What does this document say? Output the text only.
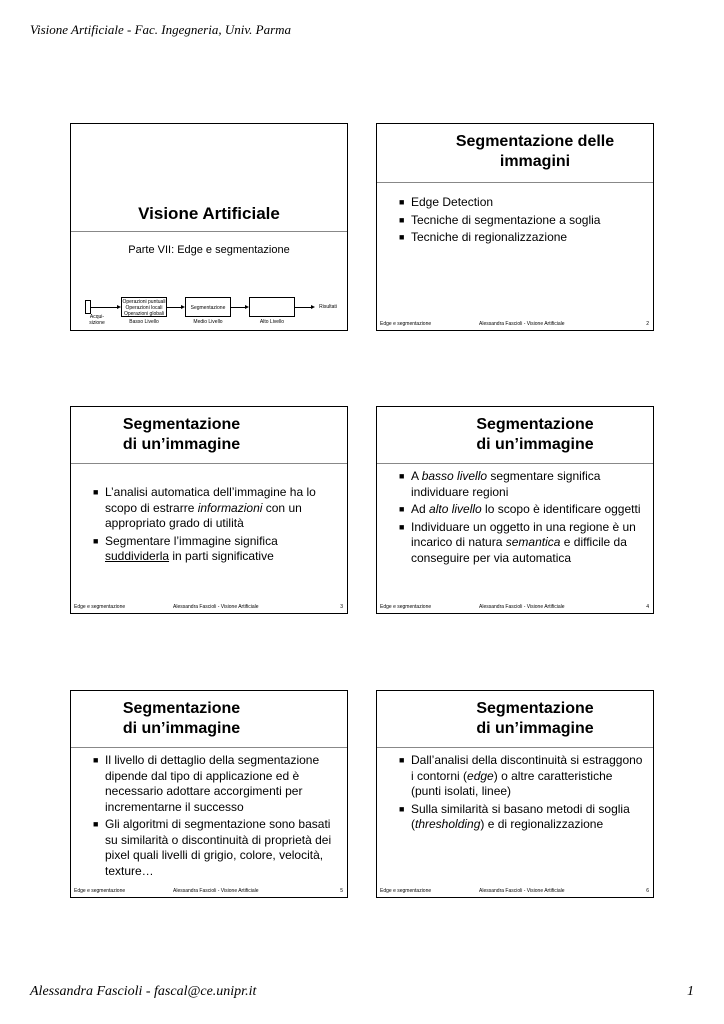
Visione Artificiale - Fac. Ingegneria, Univ. Parma
Visione Artificiale
Parte VII: Edge e segmentazione
Acqui-
sizione
Operazioni puntuali
Operazioni locali
Operazioni globali
Segmentazione	Risultati
Basso Livello	Medio Livello	Alto Livello
Segmentazione delle
immagini
■ Edge Detection
■ Tecniche di segmentazione a soglia
■ Tecniche di regionalizzazione
Edge e segmentazione	Alessandra Fascioli - Visione Artificiale	2
Segmentazione
di un’immagine
■ L’analisi automatica dell’immagine ha lo scopo di estrarre informazioni con un appropriato grado di utilità
■ Segmentare l’immagine significa suddividerla in parti significative
Edge e segmentazione	Alessandra Fascioli - Visione Artificiale	3
Segmentazione
di un’immagine
■ A basso livello segmentare significa individuare regioni
■ Ad alto livello lo scopo è identificare oggetti
■ Individuare un oggetto in una regione è un incarico di natura semantica e difficile da conseguire per via automatica
Edge e segmentazione	Alessandra Fascioli - Visione Artificiale	4
Segmentazione
di un’immagine
■ Il livello di dettaglio della segmentazione dipende dal tipo di applicazione ed è necessario adottare accorgimenti per incrementarne il successo
■ Gli algoritmi di segmentazione sono basati su similarità o discontinuità di proprietà dei pixel quali livelli di grigio, colore, velocità, texture…
Edge e segmentazione	Alessandra Fascioli - Visione Artificiale	5
Segmentazione
di un’immagine
■ Dall’analisi della discontinuità si estraggono i contorni (edge) o altre caratteristiche (punti isolati, linee)
■ Sulla similarità si basano metodi di soglia (thresholding) e di regionalizzazione
Edge e segmentazione	Alessandra Fascioli - Visione Artificiale	6
Alessandra Fascioli - fascal@ce.unipr.it	1
